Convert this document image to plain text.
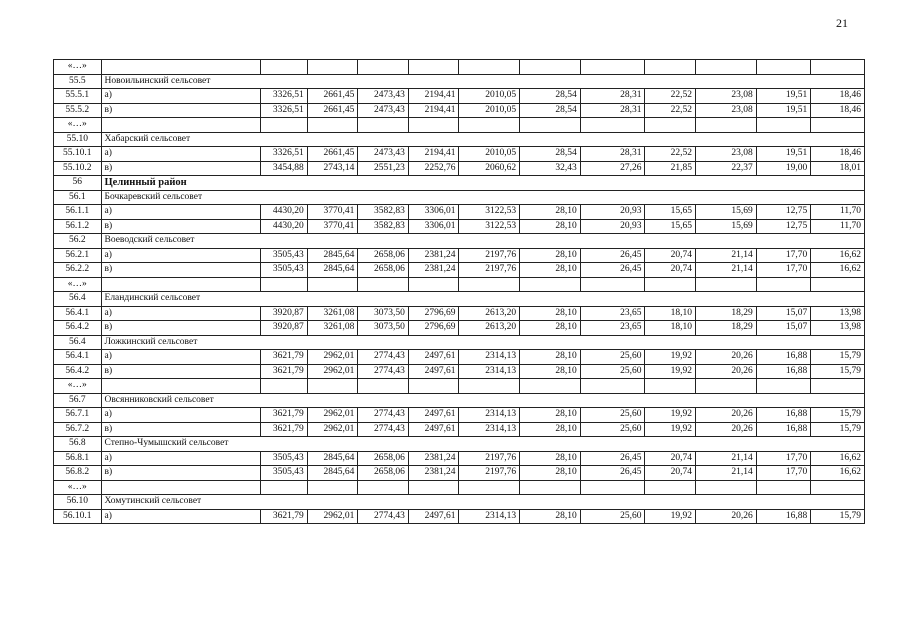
21
«…»												
55.5	Новоильинский сельсовет											
55.5.1	а)	3326,51	2661,45	2473,43	2194,41	2010,05	28,54	28,31	22,52	23,08	19,51	18,46
55.5.2	в)	3326,51	2661,45	2473,43	2194,41	2010,05	28,54	28,31	22,52	23,08	19,51	18,46
«…»												
55.10	Хабарский сельсовет											
55.10.1	а)	3326,51	2661,45	2473,43	2194,41	2010,05	28,54	28,31	22,52	23,08	19,51	18,46
55.10.2	в)	3454,88	2743,14	2551,23	2252,76	2060,62	32,43	27,26	21,85	22,37	19,00	18,01
56	Целинный район											
56.1	Бочкаревский сельсовет											
56.1.1	а)	4430,20	3770,41	3582,83	3306,01	3122,53	28,10	20,93	15,65	15,69	12,75	11,70
56.1.2	в)	4430,20	3770,41	3582,83	3306,01	3122,53	28,10	20,93	15,65	15,69	12,75	11,70
56.2	Воеводский сельсовет											
56.2.1	а)	3505,43	2845,64	2658,06	2381,24	2197,76	28,10	26,45	20,74	21,14	17,70	16,62
56.2.2	в)	3505,43	2845,64	2658,06	2381,24	2197,76	28,10	26,45	20,74	21,14	17,70	16,62
«…»												
56.4	Еландинский сельсовет											
56.4.1	а)	3920,87	3261,08	3073,50	2796,69	2613,20	28,10	23,65	18,10	18,29	15,07	13,98
56.4.2	в)	3920,87	3261,08	3073,50	2796,69	2613,20	28,10	23,65	18,10	18,29	15,07	13,98
56.4	Ложкинский сельсовет											
56.4.1	а)	3621,79	2962,01	2774,43	2497,61	2314,13	28,10	25,60	19,92	20,26	16,88	15,79
56.4.2	в)	3621,79	2962,01	2774,43	2497,61	2314,13	28,10	25,60	19,92	20,26	16,88	15,79
«…»												
56.7	Овсянниковский сельсовет											
56.7.1	а)	3621,79	2962,01	2774,43	2497,61	2314,13	28,10	25,60	19,92	20,26	16,88	15,79
56.7.2	в)	3621,79	2962,01	2774,43	2497,61	2314,13	28,10	25,60	19,92	20,26	16,88	15,79
56.8	Степно-Чумышский сельсовет											
56.8.1	а)	3505,43	2845,64	2658,06	2381,24	2197,76	28,10	26,45	20,74	21,14	17,70	16,62
56.8.2	в)	3505,43	2845,64	2658,06	2381,24	2197,76	28,10	26,45	20,74	21,14	17,70	16,62
«…»												
56.10	Хомутинский сельсовет											
56.10.1	а)	3621,79	2962,01	2774,43	2497,61	2314,13	28,10	25,60	19,92	20,26	16,88	15,79
